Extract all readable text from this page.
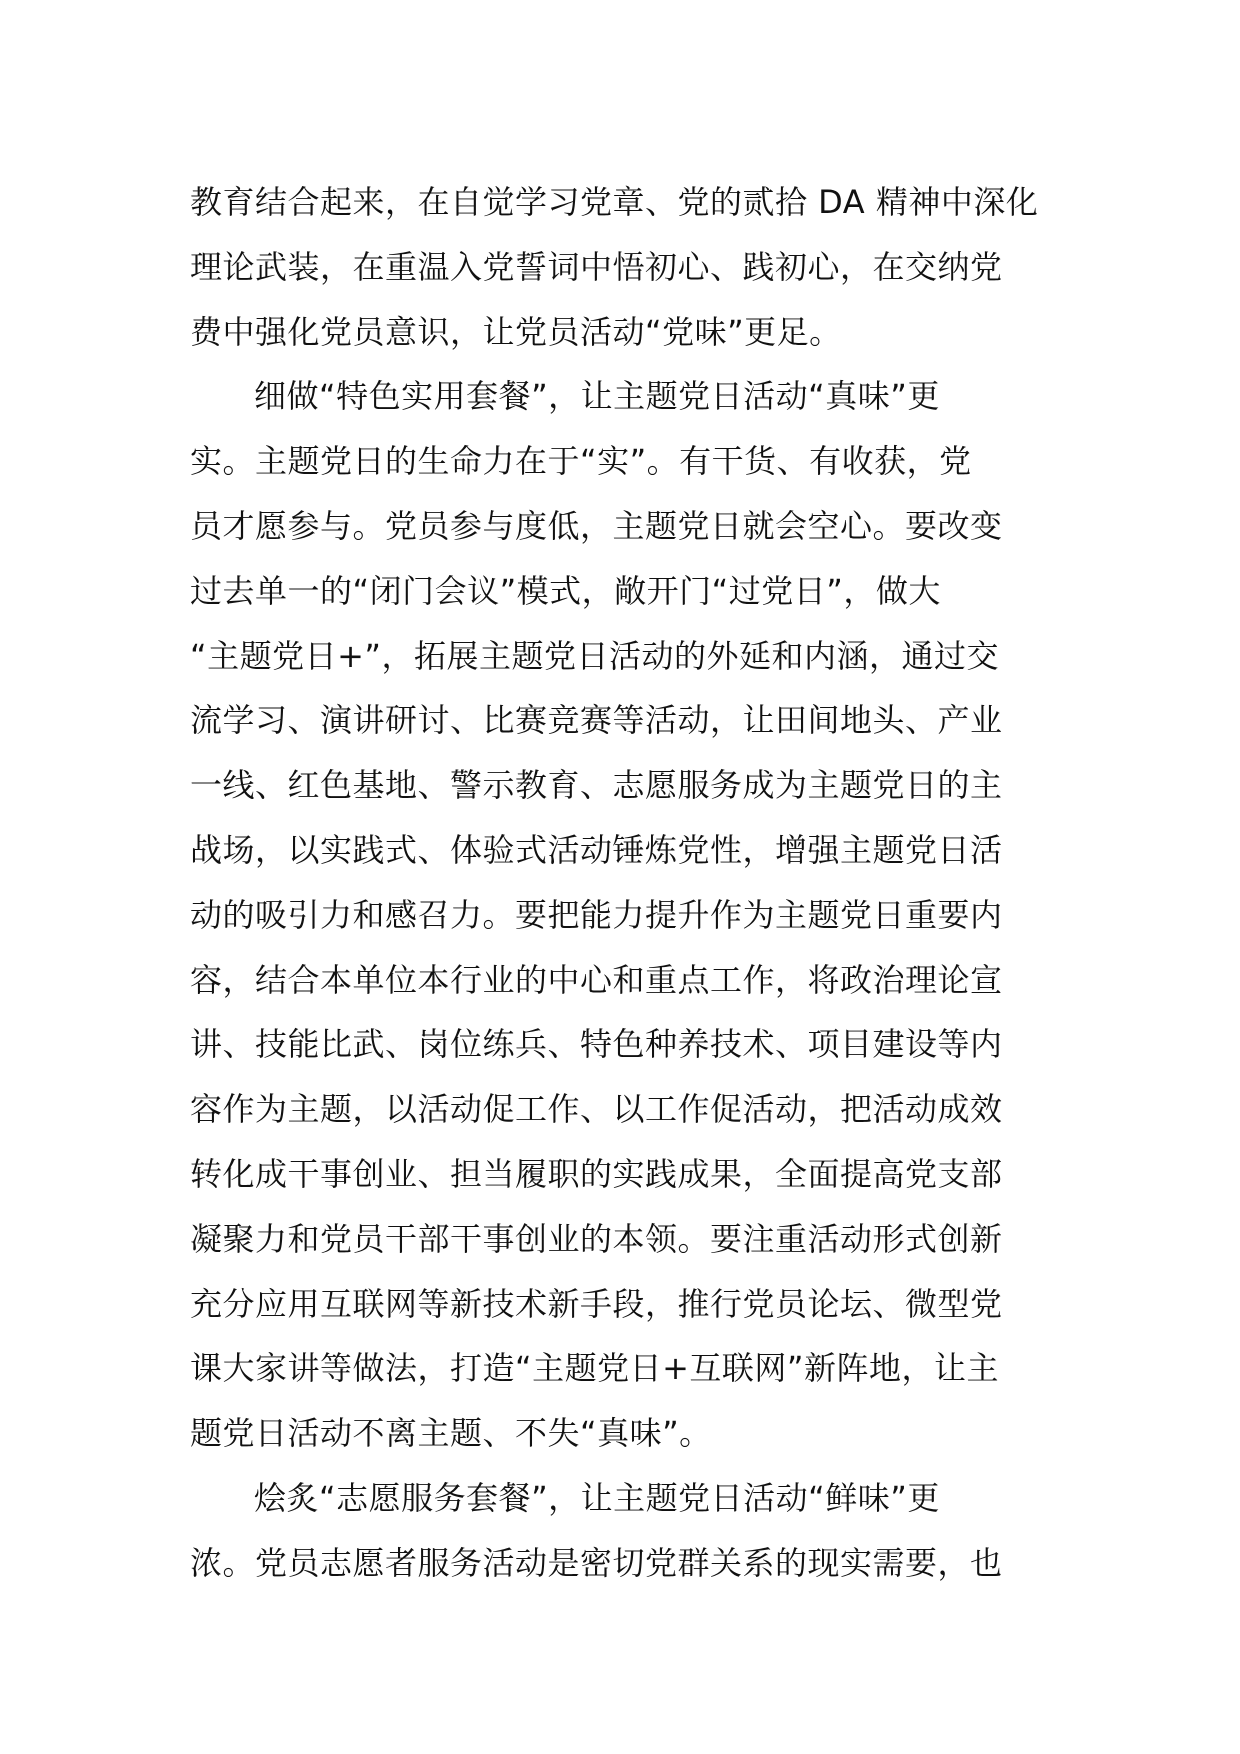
教育结合起来，在自觉学习党章、党的贰拾 DA 精神中深化
理论武装，在重温入党誓词中悟初心、践初心，在交纳党
费中强化党员意识，让党员活动“党味”更足。
细做“特色实用套餐”，让主题党日活动“真味”更
实。主题党日的生命力在于“实”。有干货、有收获，党
员才愿参与。党员参与度低，主题党日就会空心。要改变
过去单一的“闭门会议”模式，敞开门“过党日”，做大
“主题党日+”，拓展主题党日活动的外延和内涵，通过交
流学习、演讲研讨、比赛竞赛等活动，让田间地头、产业
一线、红色基地、警示教育、志愿服务成为主题党日的主
战场，以实践式、体验式活动锤炼党性，增强主题党日活
动的吸引力和感召力。要把能力提升作为主题党日重要内
容，结合本单位本行业的中心和重点工作，将政治理论宣
讲、技能比武、岗位练兵、特色种养技术、项目建设等内
容作为主题，以活动促工作、以工作促活动，把活动成效
转化成干事创业、担当履职的实践成果，全面提高党支部
凝聚力和党员干部干事创业的本领。要注重活动形式创新
充分应用互联网等新技术新手段，推行党员论坛、微型党
课大家讲等做法，打造“主题党日+互联网”新阵地，让主
题党日活动不离主题、不失“真味”。
烩炙“志愿服务套餐”，让主题党日活动“鲜味”更
浓。党员志愿者服务活动是密切党群关系的现实需要，也
